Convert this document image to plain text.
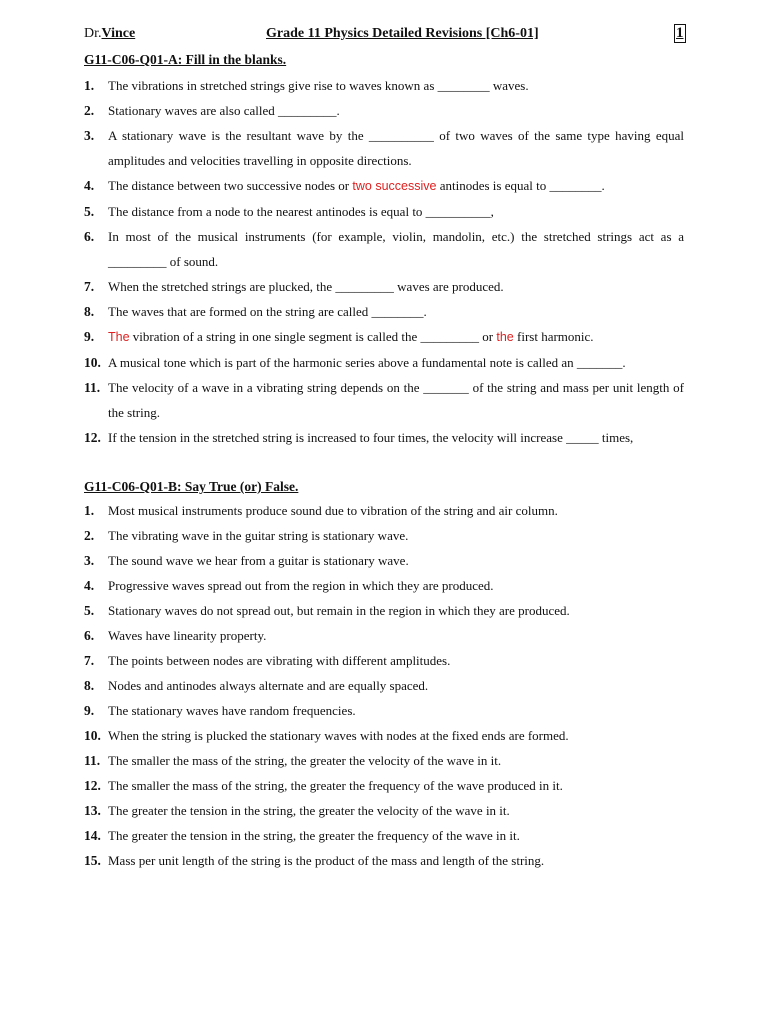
Dr.Vince	Grade 11 Physics Detailed Revisions [Ch6-01]	1
G11-C06-Q01-A: Fill in the blanks.
1. The vibrations in stretched strings give rise to waves known as ________ waves.
2. Stationary waves are also called _________.
3. A stationary wave is the resultant wave by the __________ of two waves of the same type having equal amplitudes and velocities travelling in opposite directions.
4. The distance between two successive nodes or two successive antinodes is equal to ________.
5. The distance from a node to the nearest antinodes is equal to __________,
6. In most of the musical instruments (for example, violin, mandolin, etc.) the stretched strings act as a _________ of sound.
7. When the stretched strings are plucked, the _________ waves are produced.
8. The waves that are formed on the string are called ________.
9. The vibration of a string in one single segment is called the _________ or the first harmonic.
10. A musical tone which is part of the harmonic series above a fundamental note is called an _______.
11. The velocity of a wave in a vibrating string depends on the _______ of the string and mass per unit length of the string.
12. If the tension in the stretched string is increased to four times, the velocity will increase _____ times,
G11-C06-Q01-B: Say True (or) False.
1. Most musical instruments produce sound due to vibration of the string and air column.
2. The vibrating wave in the guitar string is stationary wave.
3. The sound wave we hear from a guitar is stationary wave.
4. Progressive waves spread out from the region in which they are produced.
5. Stationary waves do not spread out, but remain in the region in which they are produced.
6. Waves have linearity property.
7. The points between nodes are vibrating with different amplitudes.
8. Nodes and antinodes always alternate and are equally spaced.
9. The stationary waves have random frequencies.
10. When the string is plucked the stationary waves with nodes at the fixed ends are formed.
11. The smaller the mass of the string, the greater the velocity of the wave in it.
12. The smaller the mass of the string, the greater the frequency of the wave produced in it.
13. The greater the tension in the string, the greater the velocity of the wave in it.
14. The greater the tension in the string, the greater the frequency of the wave in it.
15. Mass per unit length of the string is the product of the mass and length of the string.
